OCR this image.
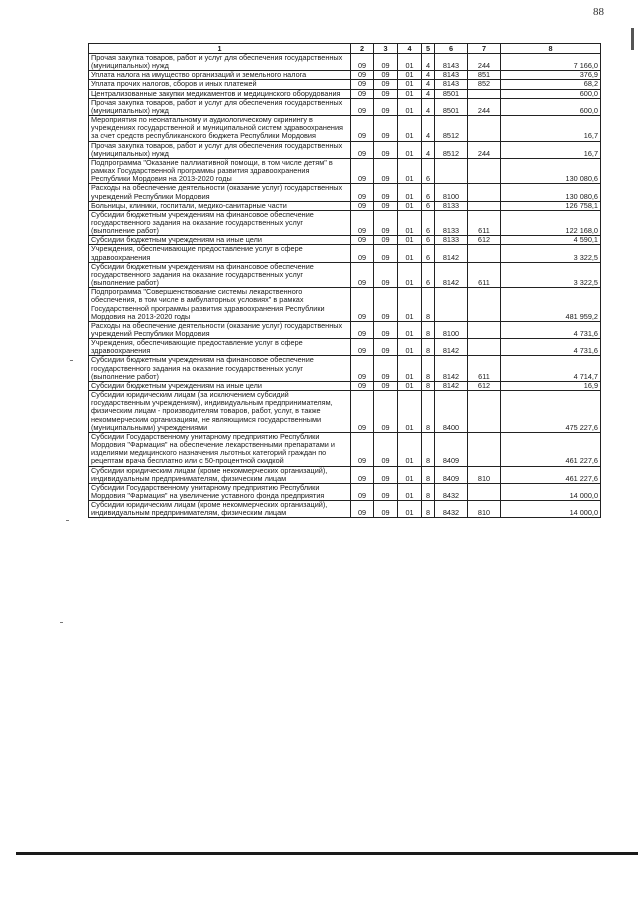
88
1	2	3	4	5	6	7	8
Прочая закупка товаров, работ и услуг для обеспечения государственных (муниципальных) нужд	09	09	01	4	8143	244	7 166,0
Уплата налога на имущество организаций и земельного налога	09	09	01	4	8143	851	376,9
Уплата прочих налогов, сборов и иных платежей	09	09	01	4	8143	852	68,2
Централизованные закупки медикаментов и медицинского оборудования	09	09	01	4	8501		600,0
Прочая закупка товаров, работ и услуг для обеспечения государственных (муниципальных) нужд	09	09	01	4	8501	244	600,0
Мероприятия по неонатальному и аудиологическому скринингу в учреждениях государственной и муниципальной систем здравоохранения за счет средств республиканского бюджета Республики Мордовия	09	09	01	4	8512		16,7
Прочая закупка товаров, работ и услуг для обеспечения государственных (муниципальных) нужд	09	09	01	4	8512	244	16,7
Подпрограмма "Оказание паллиативной помощи, в том числе детям" в рамках Государственной программы развития здравоохранения Республики Мордовия на 2013-2020 годы	09	09	01	6			130 080,6
Расходы на обеспечение деятельности (оказание услуг) государственных учреждений Республики Мордовия	09	09	01	6	8100		130 080,6
Больницы, клиники, госпитали, медико-санитарные части	09	09	01	6	8133		126 758,1
Субсидии бюджетным учреждениям на финансовое обеспечение государственного задания на оказание государственных услуг (выполнение работ)	09	09	01	6	8133	611	122 168,0
Субсидии бюджетным учреждениям на иные цели	09	09	01	6	8133	612	4 590,1
Учреждения, обеспечивающие предоставление услуг в сфере здравоохранения	09	09	01	6	8142		3 322,5
Субсидии бюджетным учреждениям на финансовое обеспечение государственного задания на оказание государственных услуг (выполнение работ)	09	09	01	6	8142	611	3 322,5
Подпрограмма "Совершенствование системы лекарственного обеспечения, в том числе в амбулаторных условиях" в рамках Государственной программы развития здравоохранения Республики Мордовия на 2013-2020 годы	09	09	01	8			481 959,2
Расходы на обеспечение деятельности (оказание услуг) государственных учреждений Республики Мордовия	09	09	01	8	8100		4 731,6
Учреждения, обеспечивающие предоставление услуг в сфере здравоохранения	09	09	01	8	8142		4 731,6
Субсидии бюджетным учреждениям на финансовое обеспечение государственного задания на оказание государственных услуг (выполнение работ)	09	09	01	8	8142	611	4 714,7
Субсидии бюджетным учреждениям на иные цели	09	09	01	8	8142	612	16,9
Субсидии юридическим лицам (за исключением субсидий государственным учреждениям), индивидуальным предпринимателям, физическим лицам - производителям товаров, работ, услуг, в также некоммерческим организациям, не являющимся государственными (муниципальными) учреждениями	09	09	01	8	8400		475 227,6
Субсидии Государственному унитарному предприятию Республики Мордовия "Фармация" на обеспечение лекарственными препаратами и изделиями медицинского назначения льготных категорий граждан по рецептам врача бесплатно или с 50-процентной скидкой	09	09	01	8	8409		461 227,6
Субсидии юридическим лицам (кроме некоммерческих организаций), индивидуальным предпринимателям, физическим лицам	09	09	01	8	8409	810	461 227,6
Субсидии Государственному унитарному предприятию Республики Мордовия "Фармация" на увеличение уставного фонда предприятия	09	09	01	8	8432		14 000,0
Субсидии юридическим лицам (кроме некоммерческих организаций), индивидуальным предпринимателям, физическим лицам	09	09	01	8	8432	810	14 000,0
